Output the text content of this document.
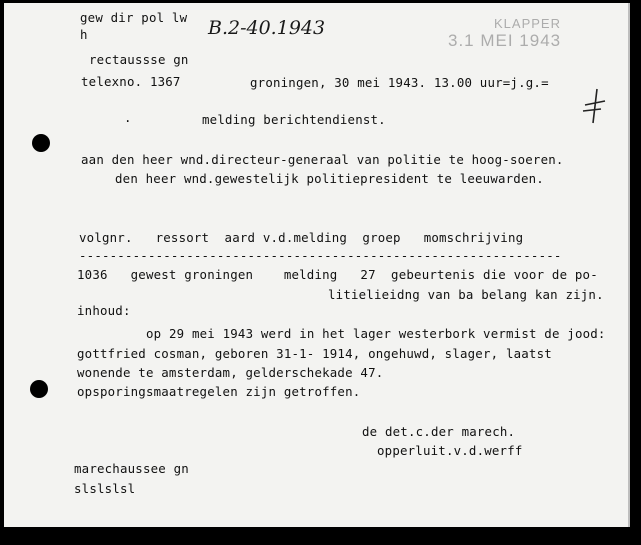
gew dir pol lw
h	B.2-40.1943	KLAPPER
3.1 MEI 1943
rectaussse gn
telexno. 1367	groningen, 30 mei 1943. 13.00 uur=j.g.=
.	melding berichtendienst.
aan den heer wnd.directeur-generaal van politie te hoog-soeren.
den heer wnd.gewestelijk politiepresident te leeuwarden.
volgnr.   ressort  aard v.d.melding  groep   momschrijving
---------------------------------------------------------------
1036   gewest groningen    melding   27  gebeurtenis die voor de po-
litielieidng van ba belang kan zijn.
inhoud:
op 29 mei 1943 werd in het lager westerbork vermist de jood:
gottfried cosman, geboren 31-1- 1914, ongehuwd, slager, laatst
wonende te amsterdam, gelderschekade 47.
opsporingsmaatregelen zijn getroffen.
de det.c.der marech.
opperluit.v.d.werff
marechaussee gn
slslslsl
